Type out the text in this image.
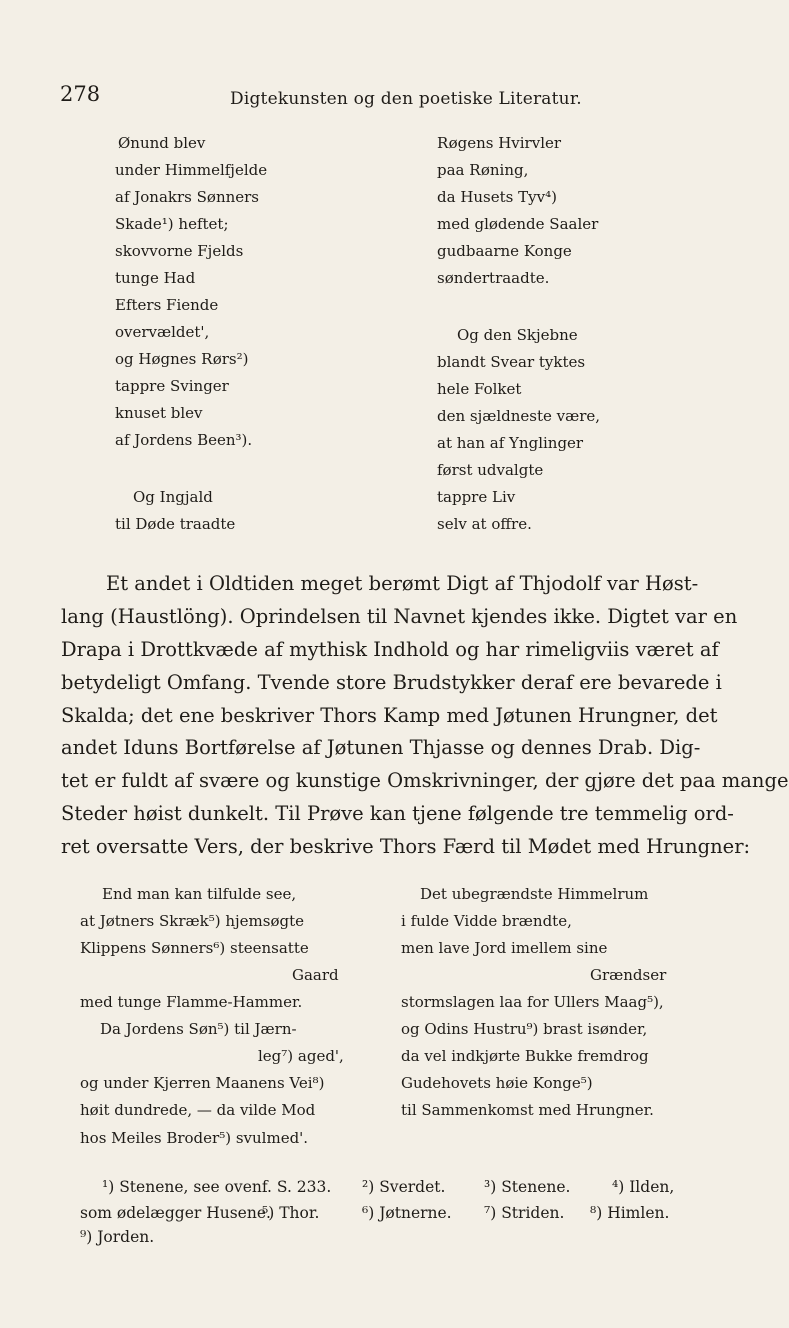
278	Digtekunsten og den poetiske Literatur.
Ønund blev
under Himmelfjelde
af Jonakrs Sønners
Skade¹) heftet;
skovvorne Fjelds
tunge Had
Efters Fiende
overvældet',
og Høgnes Rørs²)
tappre Svinger
knuset blev
af Jordens Been³).
Og Ingjald
til Døde traadte
Røgens Hvirvler
paa Røning,
da Husets Tyv⁴)
med glødende Saaler
gudbaarne Konge
søndertraadte.
Og den Skjebne
blandt Svear tyktes
hele Folket
den sjældneste være,
at han af Ynglinger
først udvalgte
tappre Liv
selv at offre.
Et andet i Oldtiden meget berømt Digt af Thjodolf var Høst-
lang (Haustlöng). Oprindelsen til Navnet kjendes ikke. Digtet var en
Drapa i Drottkvæde af mythisk Indhold og har rimeligviis været af
betydeligt Omfang. Tvende store Brudstykker deraf ere bevarede i
Skalda; det ene beskriver Thors Kamp med Jøtunen Hrungner, det
andet Iduns Bortførelse af Jøtunen Thjasse og dennes Drab. Dig-
tet er fuldt af svære og kunstige Omskrivninger, der gjøre det paa mange
Steder høist dunkelt. Til Prøve kan tjene følgende tre temmelig ord-
ret oversatte Vers, der beskrive Thors Færd til Mødet med Hrungner:
End man kan tilfulde see,
at Jøtners Skræk⁵) hjemsøgte
Klippens Sønners⁶) steensatte
Gaard
med tunge Flamme-Hammer.
Da Jordens Søn⁵) til Jærn-
leg⁷) aged',
og under Kjerren Maanens Vei⁸)
høit dundrede, — da vilde Mod
hos Meiles Broder⁵) svulmed'.
Det ubegrændste Himmelrum
i fulde Vidde brændte,
men lave Jord imellem sine
Grændser
stormslagen laa for Ullers Maag⁵),
og Odins Hustru⁹) brast isønder,
da vel indkjørte Bukke fremdrog
Gudehovets høie Konge⁵)
til Sammenkomst med Hrungner.
¹) Stenene, see ovenf. S. 233. ²) Sverdet. ³) Stenene.	⁴) Ilden,
som ødelægger Husene.
⁵) Thor.	⁶) Jøtnerne. ⁷) Striden. ⁸) Himlen.
⁹) Jorden.
